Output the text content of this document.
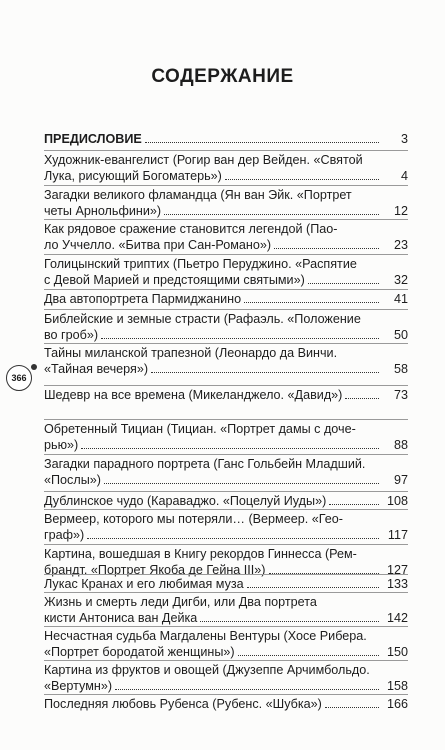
СОДЕРЖАНИЕ
366
ПРЕДИСЛОВИЕ	3
Художник-евангелист (Рогир ван дер Вейден. «Святой
Лука, рисующий Богоматерь»)	4
Загадки великого фламандца (Ян ван Эйк. «Портрет
четы Арнольфини»)	12
Как рядовое сражение становится легендой (Пао-
ло Уччелло. «Битва при Сан-Романо»)	23
Голицынский триптих (Пьетро Перуджино. «Распятие
с Девой Марией и предстоящими святыми»)	32
Два автопортрета Пармиджанино	41
Библейские и земные страсти (Рафаэль. «Положение
во гроб»)	50
Тайны миланской трапезной (Леонардо да Винчи.
«Тайная вечеря»)	58
Шедевр на все времена (Микеланджело. «Давид»)	73
Обретенный Тициан (Тициан. «Портрет дамы с доче-
рью»)	88
Загадки парадного портрета (Ганс Гольбейн Младший.
«Послы»)	97
Дублинское чудо (Караваджо. «Поцелуй Иуды»)	108
Вермеер, которого мы потеряли… (Вермеер. «Гео-
граф»)	117
Картина, вошедшая в Книгу рекордов Гиннесса (Рем-
брандт. «Портрет Якоба де Гейна III»)	127
Лукас Кранах и его любимая муза	133
Жизнь и смерть леди Дигби, или Два портрета
кисти Антониса ван Дейка	142
Несчастная судьба Магдалены Вентуры (Хосе Рибера.
«Портрет бородатой женщины»)	150
Картина из фруктов и овощей (Джузеппе Арчимбольдо.
«Вертумн»)	158
Последняя любовь Рубенса (Рубенс. «Шубка»)	166
